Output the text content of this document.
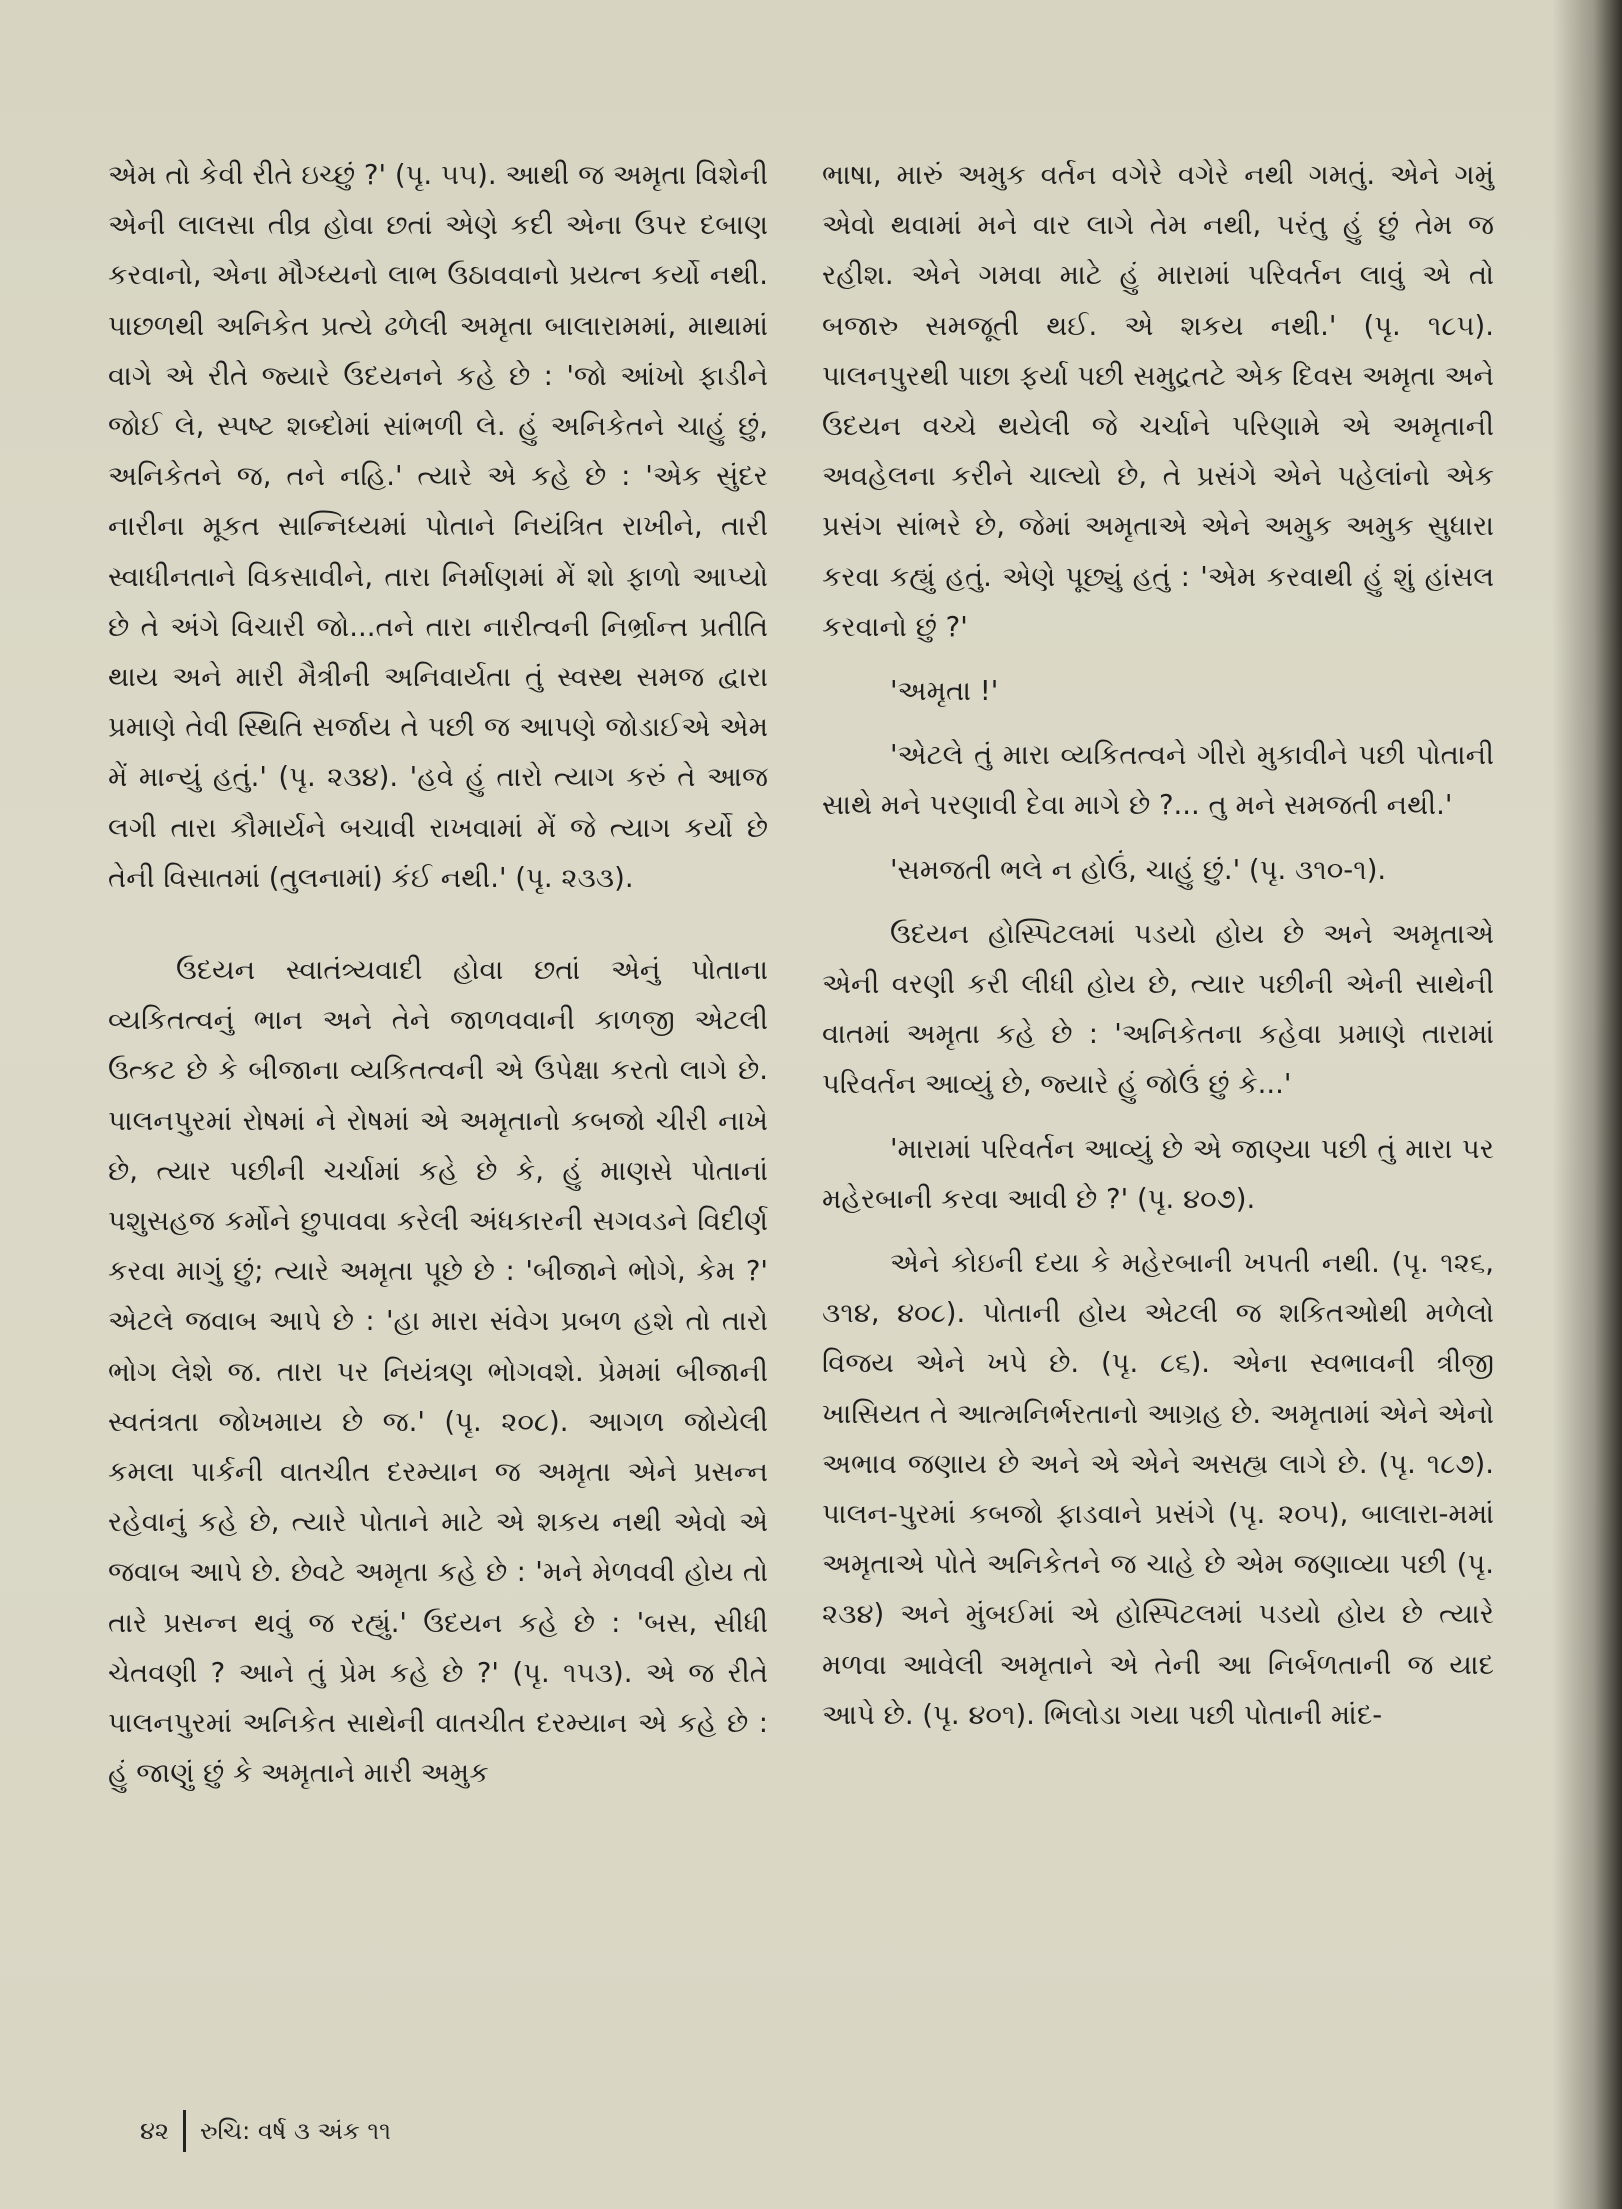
એમ તો કેવી રીતે ઇચ્છું ?' (પૃ. ૫૫). આથી જ અમૃતા વિશેની એની લાલસા તીવ્ર હોવા છતાં એણે કદી એના ઉપર દબાણ કરવાનો, એના મૌગ્ધ્યનો લાભ ઉઠાવવાનો પ્રયત્ન કર્યો નથી. પાછળથી અનિકેત પ્રત્યે ઢળેલી અમૃતા બાલારામમાં, માથામાં વાગે એ રીતે જ્યારે ઉદયનને કહે છે : 'જો આંખો ફાડીને જોઈ લે, સ્પષ્ટ શબ્દોમાં સાંભળી લે. હું અનિકેતને ચાહું છું, અનિકેતને જ, તને નહિ.' ત્યારે એ કહે છે : 'એક સુંદર નારીના મૂકત સાન્નિધ્યમાં પોતાને નિયંત્રિત રાખીને, તારી સ્વાધીનતાને વિકસાવીને, તારા નિર્માણમાં મેં શો ફાળો આપ્યો છે તે અંગે વિચારી જો...તને તારા નારીત્વની નિર્ભ્રાન્ત પ્રતીતિ થાય અને મારી મૈત્રીની અનિવાર્યતા તું સ્વસ્થ સમજ દ્વારા પ્રમાણે તેવી સ્થિતિ સર્જાય તે પછી જ આપણે જોડાઈએ એમ મેં માન્યું હતું.' (પૃ. ૨૩૪). 'હવે હું તારો ત્યાગ કરું તે આજ લગી તારા કૌમાર્યને બચાવી રાખવામાં મેં જે ત્યાગ કર્યો છે તેની વિસાતમાં (તુલનામાં) કંઈ નથી.' (પૃ. ૨૩૩).

ઉદયન સ્વાતંત્ર્યવાદી હોવા છતાં એનું પોતાના વ્યકિતત્વનું ભાન અને તેને જાળવવાની કાળજી એટલી ઉત્કટ છે કે બીજાના વ્યકિતત્વની એ ઉપેક્ષા કરતો લાગે છે. પાલનપુરમાં રોષમાં ને રોષમાં એ અમૃતાનો કબજો ચીરી નાખે છે, ત્યાર પછીની ચર્ચામાં કહે છે કે, હું માણસે પોતાનાં પશુસહજ કર્મોને છુપાવવા કરેલી અંધકારની સગવડને વિદીર્ણ કરવા માગું છું; ત્યારે અમૃતા પૂછે છે : 'બીજાને ભોગે, કેમ ?' એટલે જવાબ આપે છે : 'હા મારા સંવેગ પ્રબળ હશે તો તારો ભોગ લેશે જ. તારા પર નિયંત્રણ ભોગવશે. પ્રેમમાં બીજાની સ્વતંત્રતા જોખમાય છે જ.' (પૃ. ૨૦૮). આગળ જોયેલી કમલા પાર્કની વાતચીત દરમ્યાન જ અમૃતા એને પ્રસન્ન રહેવાનું કહે છે, ત્યારે પોતાને માટે એ શકય નથી એવો એ જવાબ આપે છે. છેવટે અમૃતા કહે છે : 'મને મેળવવી હોય તો તારે પ્રસન્ન થવું જ રહ્યું.' ઉદયન કહે છે : 'બસ, સીધી ચેતવણી ? આને તું પ્રેમ કહે છે ?' (પૃ. ૧૫૩). એ જ રીતે પાલનપુરમાં અનિકેત સાથેની વાતચીત દરમ્યાન એ કહે છે : હું જાણું છું કે અમૃતાને મારી અમુક

ભાષા, મારું અમુક વર્તન વગેરે વગેરે નથી ગમતું. એને ગમું એવો થવામાં મને વાર લાગે તેમ નથી, પરંતુ હું છું તેમ જ રહીશ. એને ગમવા માટે હું મારામાં પરિવર્તન લાવું એ તો બજારુ સમજૂતી થઈ. એ શકય નથી.' (પૃ. ૧૮૫). પાલનપુરથી પાછા ફર્યા પછી સમુદ્રતટે એક દિવસ અમૃતા અને ઉદયન વચ્ચે થયેલી જે ચર્ચાને પરિણામે એ અમૃતાની અવહેલના કરીને ચાલ્યો છે, તે પ્રસંગે એને પહેલાંનો એક પ્રસંગ સાંભરે છે, જેમાં અમૃતાએ એને અમુક અમુક સુધારા કરવા કહ્યું હતું. એણે પૂછ્યું હતું : 'એમ કરવાથી હું શું હાંસલ કરવાનો છું ?'

'અમૃતા !'

'એટલે તું મારા વ્યકિતત્વને ગીરો મુકાવીને પછી પોતાની સાથે મને પરણાવી દેવા માગે છે ?... તુ મને સમજતી નથી.'

'સમજતી ભલે ન હોઉં, ચાહું છું.' (પૃ. ૩૧૦-૧).

ઉદયન હોસ્પિટલમાં પડયો હોય છે અને અમૃતાએ એની વરણી કરી લીધી હોય છે, ત્યાર પછીની એની સાથેની વાતમાં અમૃતા કહે છે : 'અનિકેતના કહેવા પ્રમાણે તારામાં પરિવર્તન આવ્યું છે, જ્યારે હું જોઉં છું કે...'

'મારામાં પરિવર્તન આવ્યું છે એ જાણ્યા પછી તું મારા પર મહેરબાની કરવા આવી છે ?' (પૃ. ૪૦૭).

એને કોઇની દયા કે મહેરબાની ખપતી નથી. (પૃ. ૧૨૬, ૩૧૪, ૪૦૮). પોતાની હોય એટલી જ શકિતઓથી મળેલો વિજય એને ખપે છે. (પૃ. ૮૬). એના સ્વભાવની ત્રીજી ખાસિયત તે આત્મનિર્ભરતાનો આગ્રહ છે. અમૃતામાં એને એનો અભાવ જણાય છે અને એ એને અસહ્ય લાગે છે. (પૃ. ૧૮૭). પાલન-પુરમાં કબજો ફાડવાને પ્રસંગે (પૃ. ૨૦૫), બાલારા-મમાં અમૃતાએ પોતે અનિકેતને જ ચાહે છે એમ જણાવ્યા પછી (પૃ. ૨૩૪) અને મુંબઈમાં એ હોસ્પિટલમાં પડયો હોય છે ત્યારે મળવા આવેલી અમૃતાને એ તેની આ નિર્બળતાની જ યાદ આપે છે. (પૃ. ૪૦૧). ભિલોડા ગયા પછી પોતાની માંદ-

૪૨ રુચિ: વર્ષ ૩ અંક ૧૧
